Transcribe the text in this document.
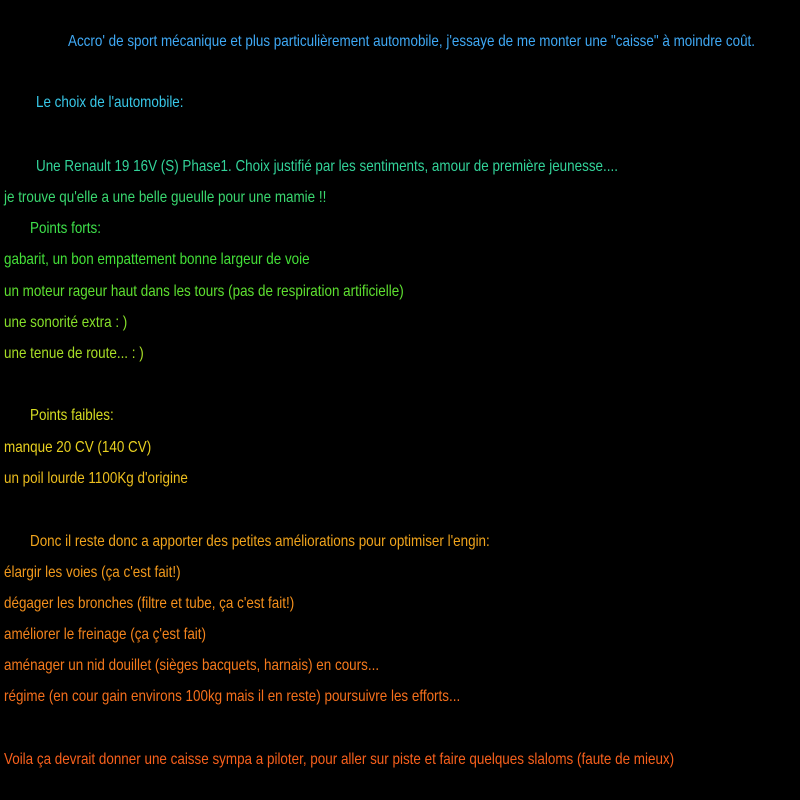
Accro' de sport mécanique et plus particulièrement automobile, j'essaye de me monter une "caisse" à moindre coût.
Le choix de l'automobile:
Une Renault 19 16V (S) Phase1. Choix justifié par les sentiments, amour de première jeunesse....
je trouve qu'elle a une belle gueulle pour une mamie !!
Points forts:
gabarit, un bon empattement bonne largeur de voie
un moteur rageur haut dans les tours (pas de respiration artificielle)
une sonorité extra : )
une tenue de route... : )
Points faibles:
manque 20 CV (140 CV)
un poil lourde 1100Kg d'origine
Donc il reste donc a apporter des petites améliorations pour optimiser l'engin:
élargir les voies (ça c'est fait!)
dégager les bronches (filtre et tube, ça c'est fait!)
améliorer le freinage (ça ç'est fait)
aménager un nid douillet (sièges bacquets, harnais) en cours...
régime (en cour gain environs 100kg mais il en reste) poursuivre les efforts...
Voila ça devrait donner une caisse sympa a piloter, pour aller sur piste et faire quelques slaloms (faute de mieux)
